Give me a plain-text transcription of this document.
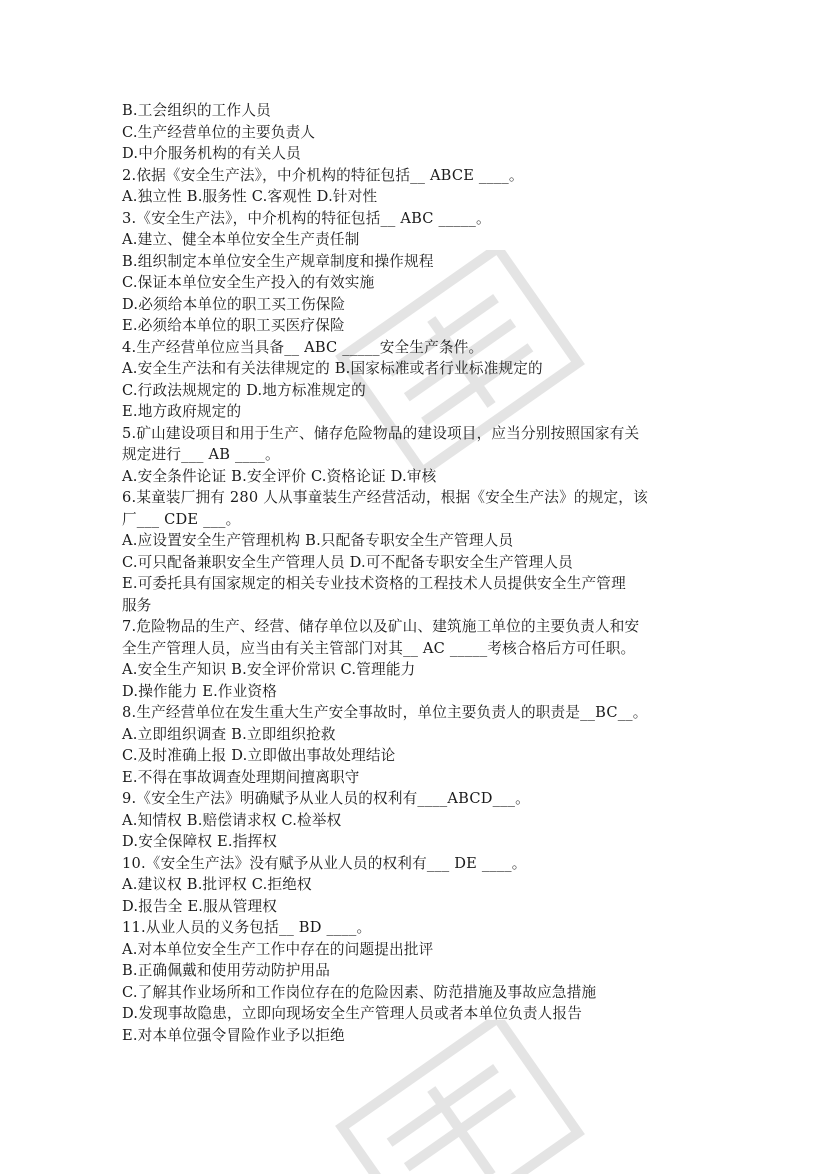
B.工会组织的工作人员
C.生产经营单位的主要负责人
D.中介服务机构的有关人员
2.依据《安全生产法》，中介机构的特征包括__ ABCE ____。
A.独立性 B.服务性 C.客观性 D.针对性
3.《安全生产法》，中介机构的特征包括__ ABC _____。
A.建立、健全本单位安全生产责任制
B.组织制定本单位安全生产规章制度和操作规程
C.保证本单位安全生产投入的有效实施
D.必须给本单位的职工买工伤保险
E.必须给本单位的职工买医疗保险
4.生产经营单位应当具备__ ABC _____安全生产条件。
A.安全生产法和有关法律规定的 B.国家标准或者行业标准规定的
C.行政法规规定的 D.地方标准规定的
E.地方政府规定的
5.矿山建设项目和用于生产、储存危险物品的建设项目，应当分别按照国家有关
规定进行___ AB ____。
A.安全条件论证 B.安全评价 C.资格论证 D.审核
6.某童装厂拥有 280 人从事童装生产经营活动，根据《安全生产法》的规定，该
厂___ CDE ___。
A.应设置安全生产管理机构 B.只配备专职安全生产管理人员
C.可只配备兼职安全生产管理人员 D.可不配备专职安全生产管理人员
E.可委托具有国家规定的相关专业技术资格的工程技术人员提供安全生产管理
服务
7.危险物品的生产、经营、储存单位以及矿山、建筑施工单位的主要负责人和安
全生产管理人员，应当由有关主管部门对其__ AC _____考核合格后方可任职。
A.安全生产知识 B.安全评价常识 C.管理能力
D.操作能力 E.作业资格
8.生产经营单位在发生重大生产安全事故时，单位主要负责人的职责是__BC__。
A.立即组织调查 B.立即组织抢救
C.及时准确上报 D.立即做出事故处理结论
E.不得在事故调查处理期间擅离职守
9.《安全生产法》明确赋予从业人员的权利有____ABCD___。
A.知情权 B.赔偿请求权 C.检举权
D.安全保障权 E.指挥权
10.《安全生产法》没有赋予从业人员的权利有___ DE ____。
A.建议权 B.批评权 C.拒绝权
D.报告全 E.服从管理权
11.从业人员的义务包括__ BD ____。
A.对本单位安全生产工作中存在的问题提出批评
B.正确佩戴和使用劳动防护用品
C.了解其作业场所和工作岗位存在的危险因素、防范措施及事故应急措施
D.发现事故隐患，立即向现场安全生产管理人员或者本单位负责人报告
E.对本单位强令冒险作业予以拒绝
